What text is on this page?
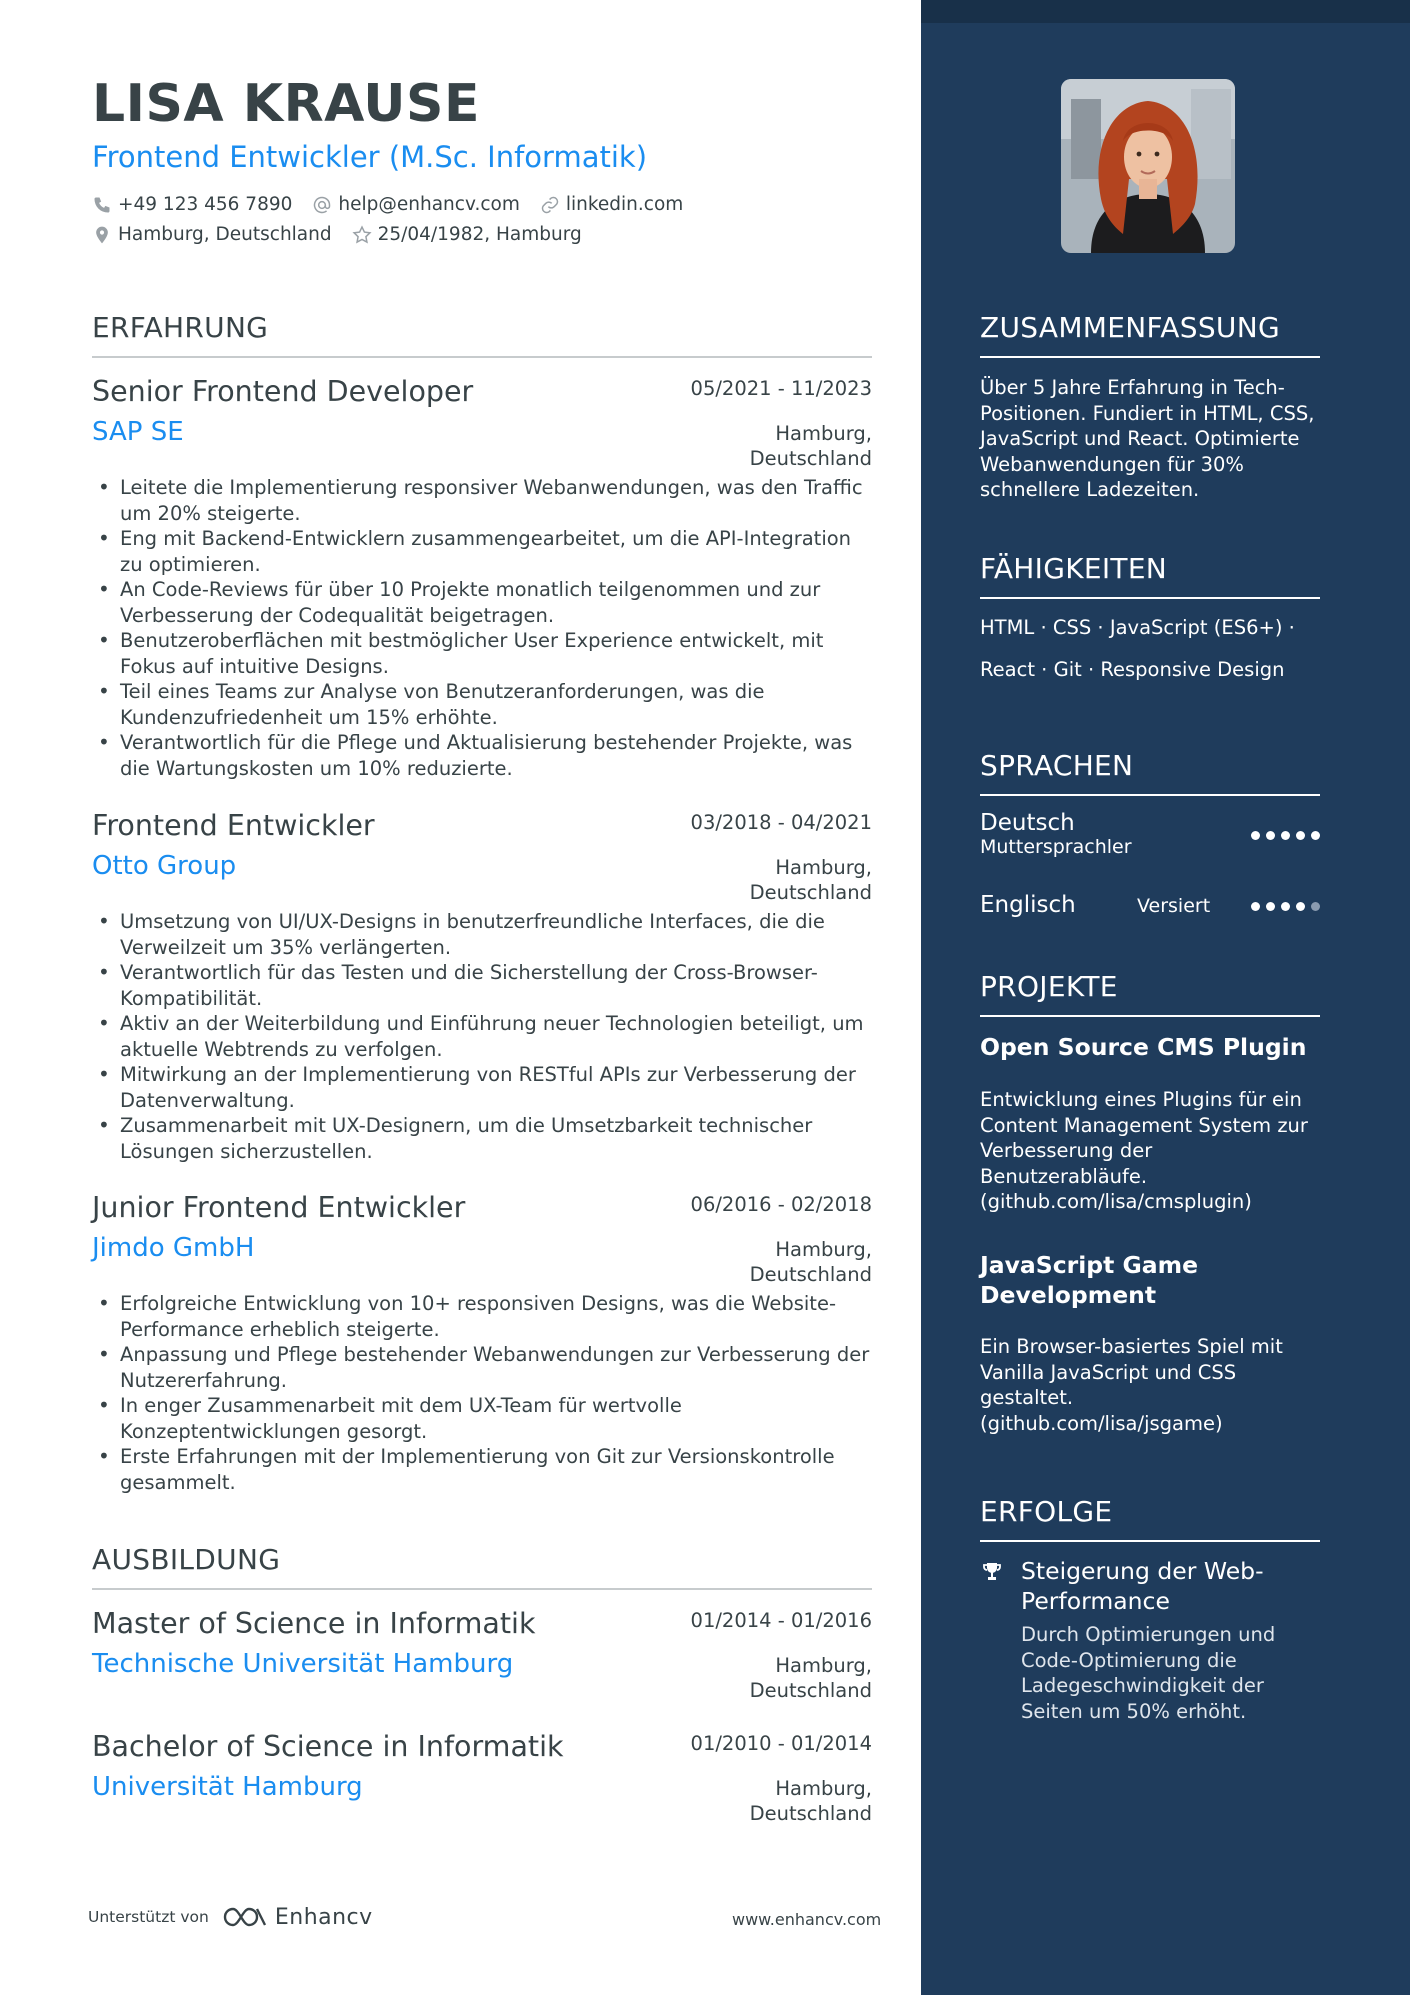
LISA KRAUSE
Frontend Entwickler (M.Sc. Informatik)
+49 123 456 7890 help@enhancv.com linkedin.com
Hamburg, Deutschland 25/04/1982, Hamburg
ERFAHRUNG
Senior Frontend Developer	05/2021 - 11/2023
SAP SE	Hamburg, Deutschland
• Leitete die Implementierung responsiver Webanwendungen, was den Traffic um 20% steigerte.
• Eng mit Backend-Entwicklern zusammengearbeitet, um die API-Integration zu optimieren.
• An Code-Reviews für über 10 Projekte monatlich teilgenommen und zur Verbesserung der Codequalität beigetragen.
• Benutzeroberflächen mit bestmöglicher User Experience entwickelt, mit Fokus auf intuitive Designs.
• Teil eines Teams zur Analyse von Benutzeranforderungen, was die Kundenzufriedenheit um 15% erhöhte.
• Verantwortlich für die Pflege und Aktualisierung bestehender Projekte, was die Wartungskosten um 10% reduzierte.
Frontend Entwickler	03/2018 - 04/2021
Otto Group	Hamburg, Deutschland
• Umsetzung von UI/UX-Designs in benutzerfreundliche Interfaces, die die Verweilzeit um 35% verlängerten.
• Verantwortlich für das Testen und die Sicherstellung der Cross-Browser-Kompatibilität.
• Aktiv an der Weiterbildung und Einführung neuer Technologien beteiligt, um aktuelle Webtrends zu verfolgen.
• Mitwirkung an der Implementierung von RESTful APIs zur Verbesserung der Datenverwaltung.
• Zusammenarbeit mit UX-Designern, um die Umsetzbarkeit technischer Lösungen sicherzustellen.
Junior Frontend Entwickler	06/2016 - 02/2018
Jimdo GmbH	Hamburg, Deutschland
• Erfolgreiche Entwicklung von 10+ responsiven Designs, was die Website-Performance erheblich steigerte.
• Anpassung und Pflege bestehender Webanwendungen zur Verbesserung der Nutzererfahrung.
• In enger Zusammenarbeit mit dem UX-Team für wertvolle Konzeptentwicklungen gesorgt.
• Erste Erfahrungen mit der Implementierung von Git zur Versionskontrolle gesammelt.
AUSBILDUNG
Master of Science in Informatik	01/2014 - 01/2016
Technische Universität Hamburg	Hamburg, Deutschland
Bachelor of Science in Informatik	01/2010 - 01/2014
Universität Hamburg	Hamburg, Deutschland
Unterstützt von	Enhancv	www.enhancv.com
ZUSAMMENFASSUNG
Über 5 Jahre Erfahrung in Tech-Positionen. Fundiert in HTML, CSS, JavaScript und React. Optimierte Webanwendungen für 30% schnellere Ladezeiten.
FÄHIGKEITEN
HTML · CSS · JavaScript (ES6+) ·
React · Git · Responsive Design
SPRACHEN
Deutsch
Muttersprachler
Englisch	Versiert
PROJEKTE
Open Source CMS Plugin
Entwicklung eines Plugins für ein Content Management System zur Verbesserung der Benutzerabläufe. (github.com/lisa/cmsplugin)
JavaScript Game Development
Ein Browser-basiertes Spiel mit Vanilla JavaScript und CSS gestaltet. (github.com/lisa/jsgame)
ERFOLGE
Steigerung der Web-Performance
Durch Optimierungen und Code-Optimierung die Ladegeschwindigkeit der Seiten um 50% erhöht.
